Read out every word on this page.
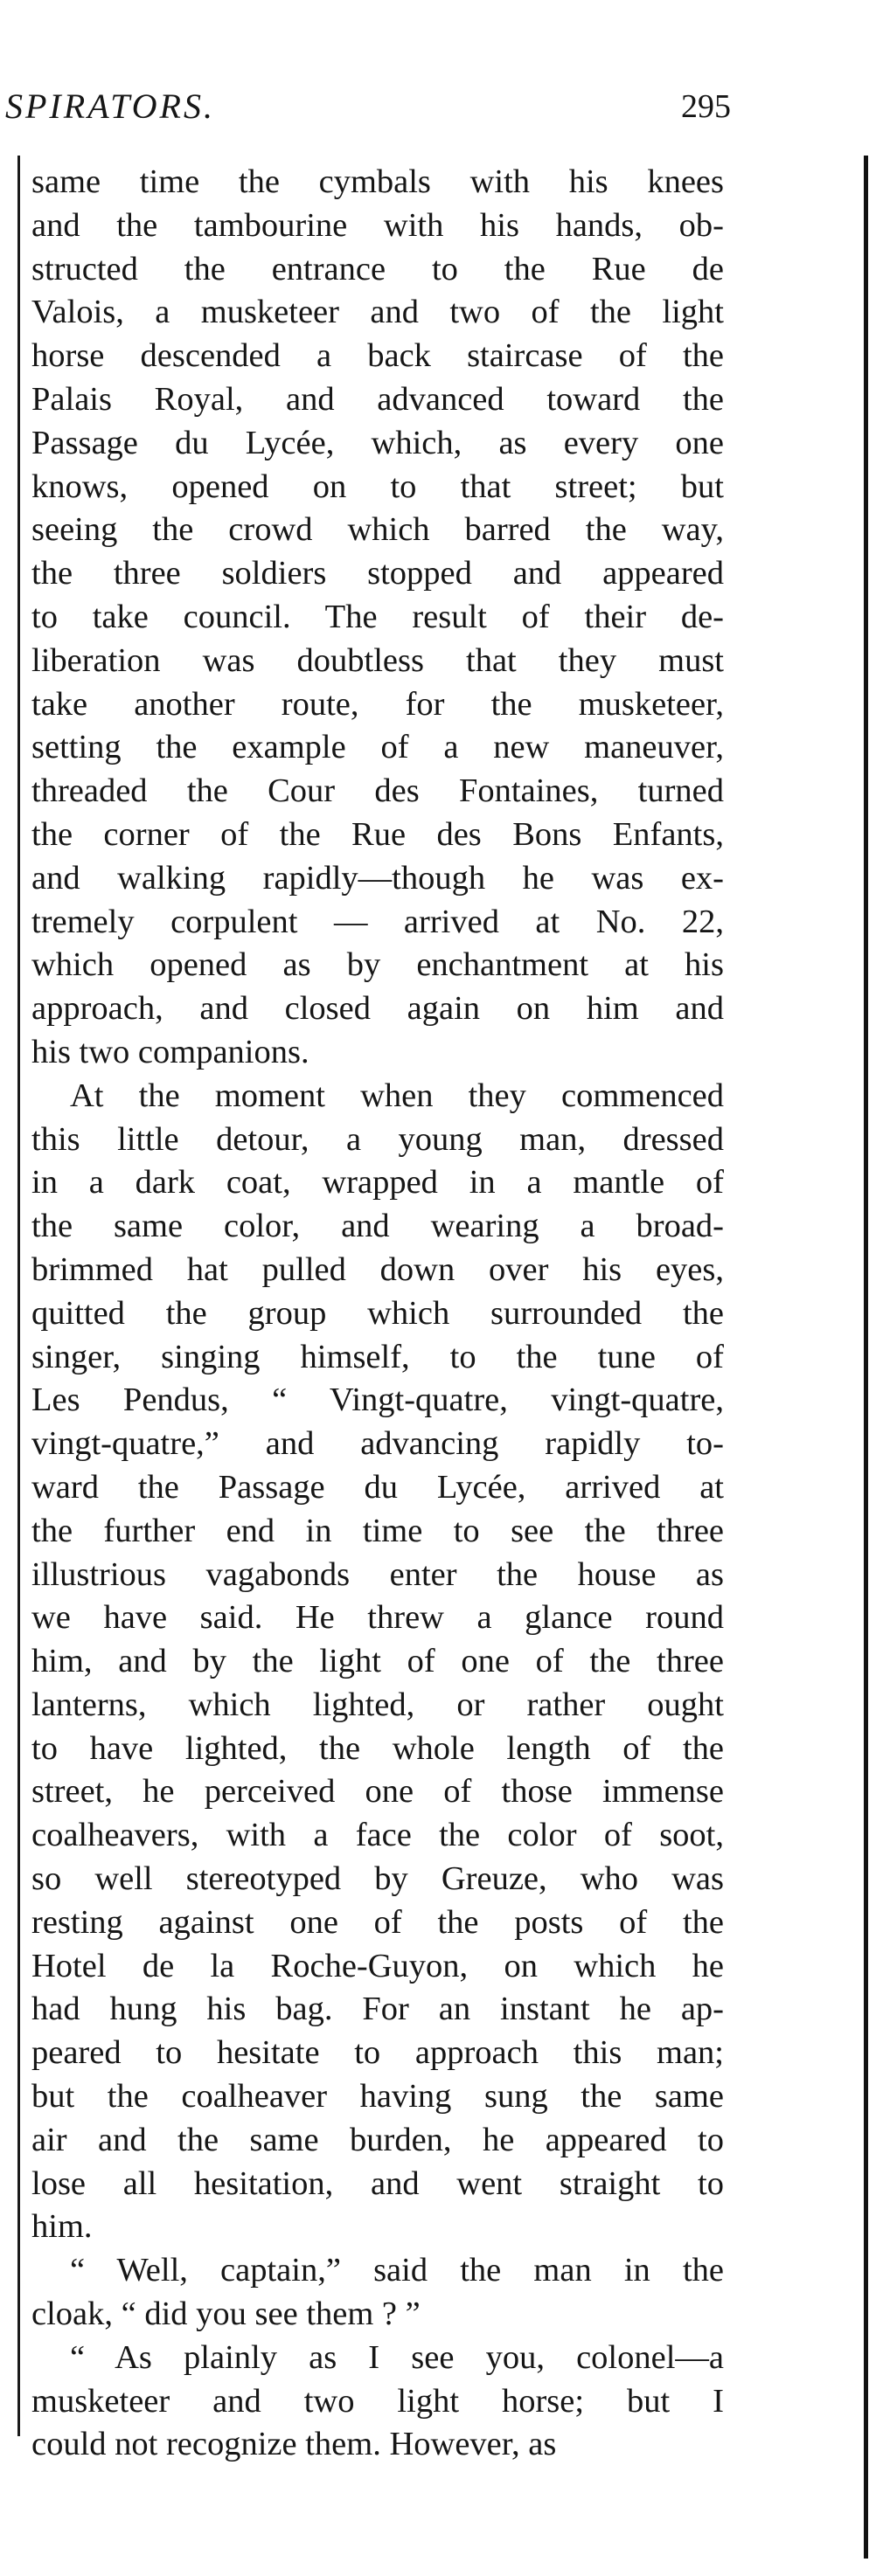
SPIRATORS.	295
same time the cymbals with his knees
and the tambourine with his hands, ob-
structed the entrance to the Rue de
Valois, a musketeer and two of the light
horse descended a back staircase of the
Palais Royal, and advanced toward the
Passage du Lycée, which, as every one
knows, opened on to that street; but
seeing the crowd which barred the way,
the three soldiers stopped and appeared
to take council. The result of their de-
liberation was doubtless that they must
take another route, for the musketeer,
setting the example of a new maneuver,
threaded the Cour des Fontaines, turned
the corner of the Rue des Bons Enfants,
and walking rapidly—though he was ex-
tremely corpulent — arrived at No. 22,
which opened as by enchantment at his
approach, and closed again on him and
his two companions.
At the moment when they commenced
this little detour, a young man, dressed
in a dark coat, wrapped in a mantle of
the same color, and wearing a broad-
brimmed hat pulled down over his eyes,
quitted the group which surrounded the
singer, singing himself, to the tune of
Les Pendus, “ Vingt-quatre, vingt-quatre,
vingt-quatre,” and advancing rapidly to-
ward the Passage du Lycée, arrived at
the further end in time to see the three
illustrious vagabonds enter the house as
we have said. He threw a glance round
him, and by the light of one of the three
lanterns, which lighted, or rather ought
to have lighted, the whole length of the
street, he perceived one of those immense
coalheavers, with a face the color of soot,
so well stereotyped by Greuze, who was
resting against one of the posts of the
Hotel de la Roche-Guyon, on which he
had hung his bag. For an instant he ap-
peared to hesitate to approach this man;
but the coalheaver having sung the same
air and the same burden, he appeared to
lose all hesitation, and went straight to
him.
“ Well, captain,” said the man in the
cloak, “ did you see them ? ”
“ As plainly as I see you, colonel—a
musketeer and two light horse; but I
could not recognize them. However, as
